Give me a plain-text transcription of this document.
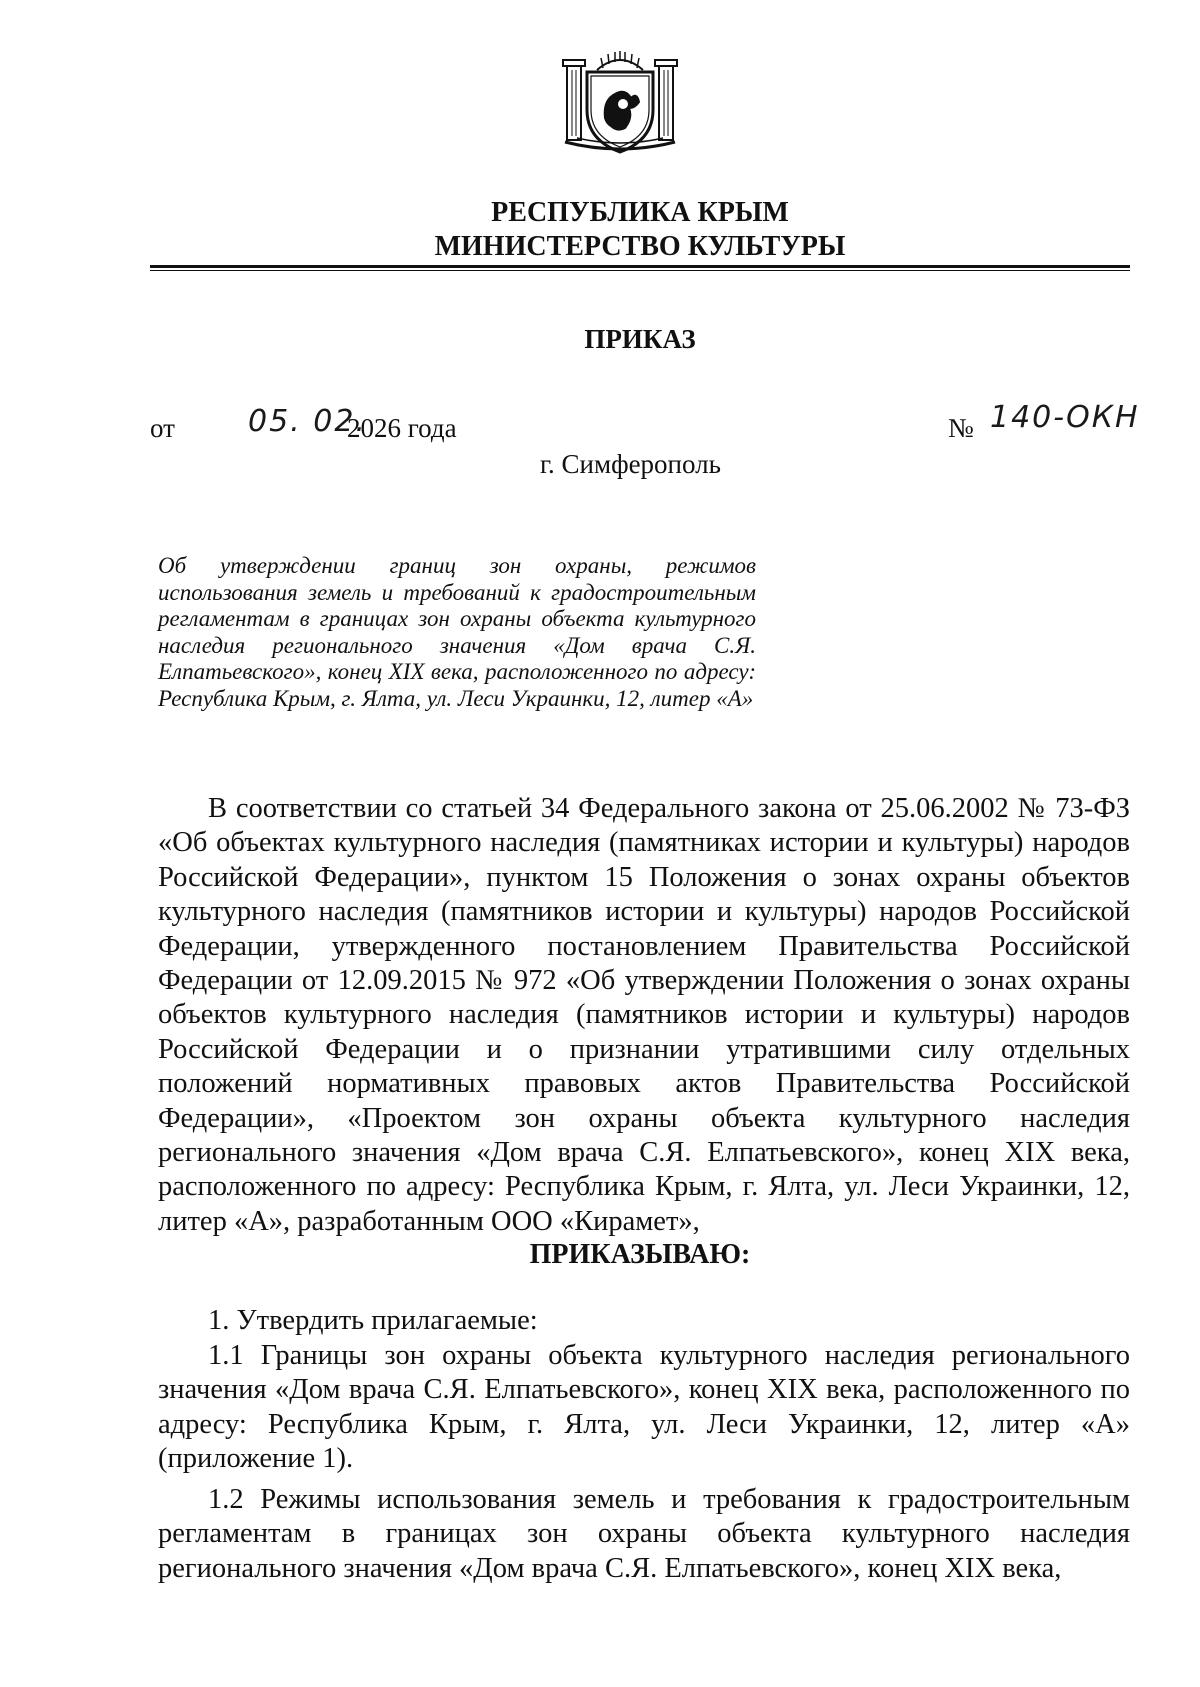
РЕСПУБЛИКА КРЫМ
МИНИСТЕРСТВО КУЛЬТУРЫ
ПРИКАЗ
от 05. 02.
2026 года	№ 140-ОКН
г. Симферополь
Об утверждении границ зон охраны, режимов использования земель и требований к градостроительным регламентам в границах зон охраны объекта культурного наследия регионального значения «Дом врача С.Я. Елпатьевского», конец XIX века, расположенного по адресу: Республика Крым, г. Ялта, ул. Леси Украинки, 12, литер «А»

В соответствии со статьей 34 Федерального закона от 25.06.2002 № 73-ФЗ «Об объектах культурного наследия (памятниках истории и культуры) народов Российской Федерации», пунктом 15 Положения о зонах охраны объектов культурного наследия (памятников истории и культуры) народов Российской Федерации, утвержденного постановлением Правительства Российской Федерации от 12.09.2015 № 972 «Об утверждении Положения о зонах охраны объектов культурного наследия (памятников истории и культуры) народов Российской Федерации и о признании утратившими силу отдельных положений нормативных правовых актов Правительства Российской Федерации», «Проектом зон охраны объекта культурного наследия регионального значения «Дом врача С.Я. Елпатьевского», конец XIX века, расположенного по адресу: Республика Крым, г. Ялта, ул. Леси Украинки, 12, литер «А», разработанным ООО «Кирамет»,

ПРИКАЗЫВАЮ:

1. Утвердить прилагаемые:

1.1 Границы зон охраны объекта культурного наследия регионального значения «Дом врача С.Я. Елпатьевского», конец XIX века, расположенного по адресу: Республика Крым, г. Ялта, ул. Леси Украинки, 12, литер «А» (приложение 1).

1.2 Режимы использования земель и требования к градостроительным регламентам в границах зон охраны объекта культурного наследия регионального значения «Дом врача С.Я. Елпатьевского», конец XIX века,
